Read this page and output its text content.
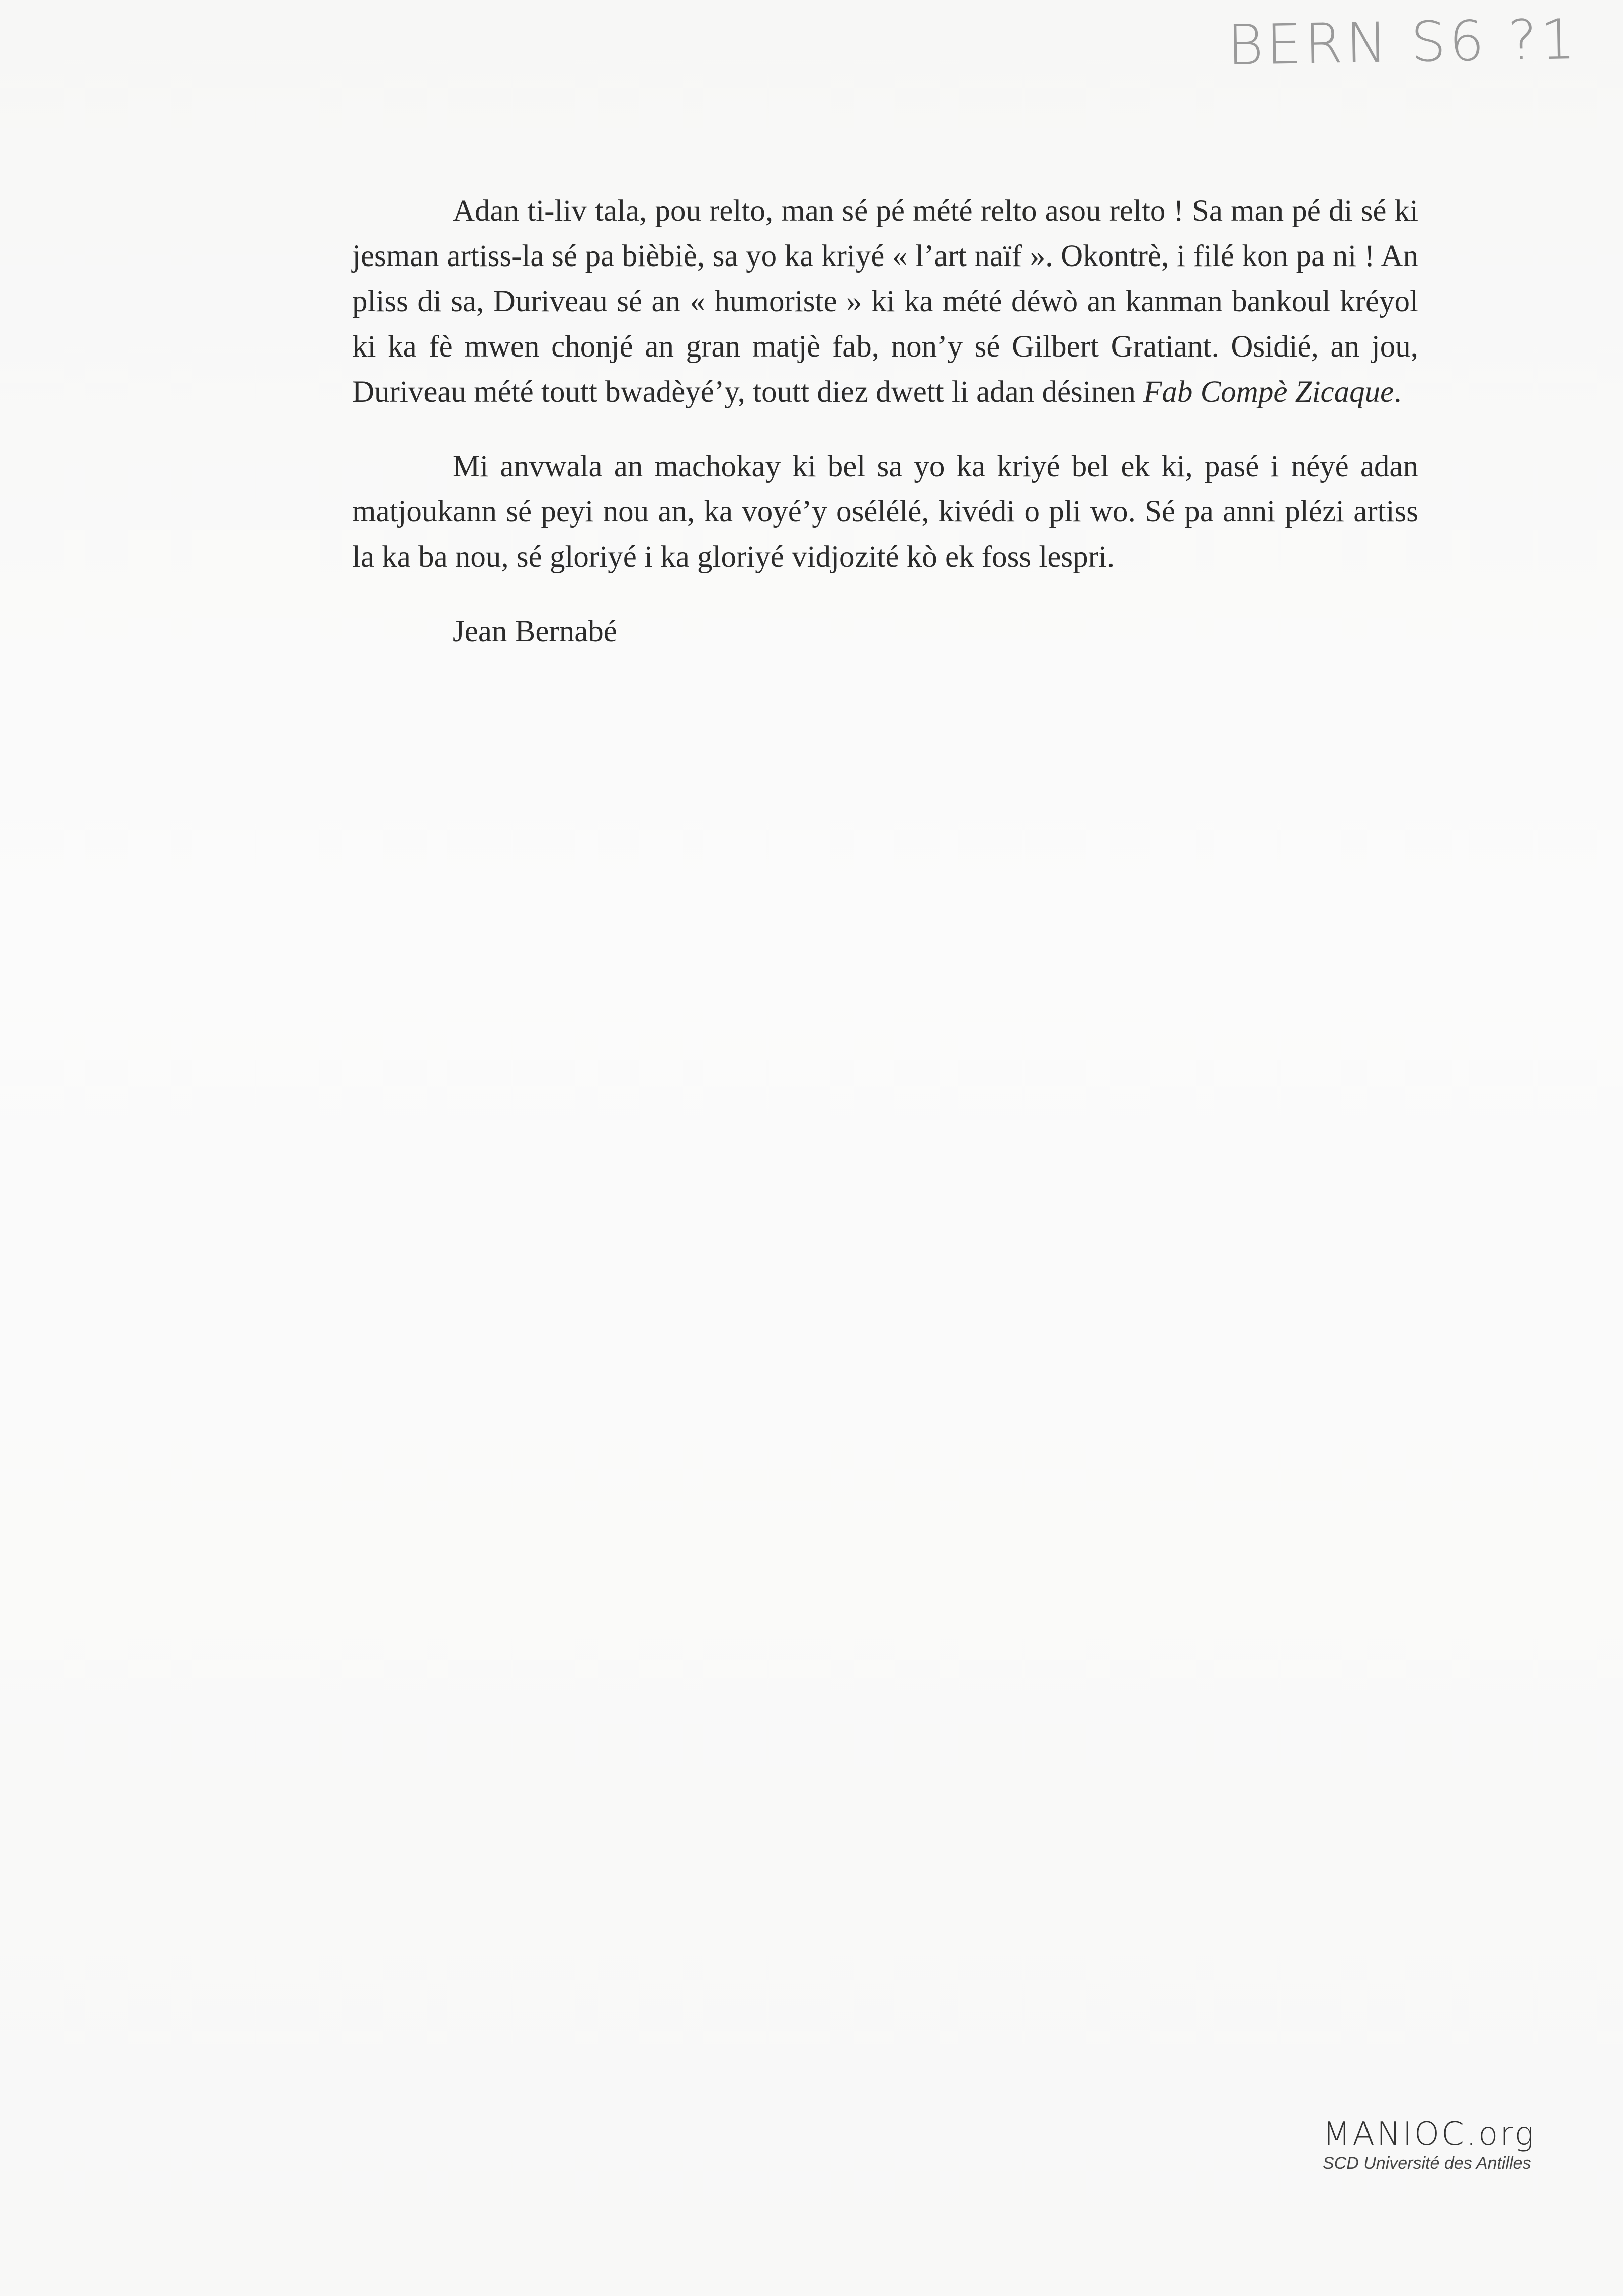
BERN S6 ?1

Adan ti-liv tala, pou relto, man sé pé mété relto asou relto ! Sa man pé di sé ki jesman artiss-la sé pa bièbiè, sa yo ka kriyé « l’art naïf ». Okontrè, i filé kon pa ni ! An pliss di sa, Duriveau sé an « humoriste » ki ka mété déwò an kanman bankoul kréyol ki ka fè mwen chonjé an gran matjè fab, non’y sé Gilbert Gratiant. Osidié, an jou, Duriveau mété toutt bwadèyé’y, toutt diez dwett li adan désinen Fab Compè Zicaque.

Mi anvwala an machokay ki bel sa yo ka kriyé bel ek ki, pasé i néyé adan matjoukann sé peyi nou an, ka voyé’y osélélé, kivédi o pli wo. Sé pa anni plézi artiss la ka ba nou, sé gloriyé i ka gloriyé vidjozité kò ek foss lespri.

Jean Bernabé

MANIOC.org
SCD Université des Antilles
